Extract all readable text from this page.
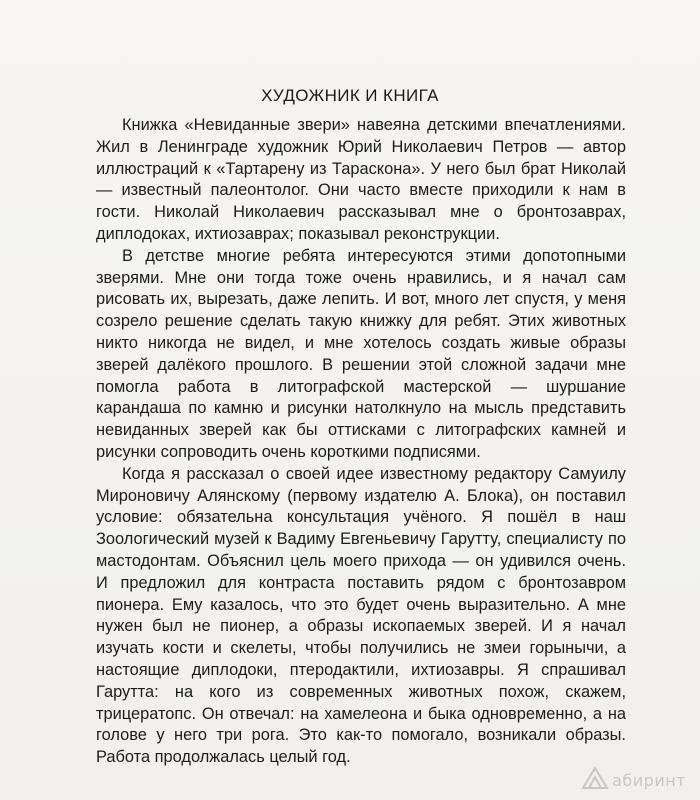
ХУДОЖНИК И КНИГА

Книжка «Невиданные звери» навеяна детскими впечатлениями. Жил в Ленинграде художник Юрий Николаевич Петров — автор иллюстраций к «Тартарену из Тараскона». У него был брат Николай — известный палеонтолог. Они часто вместе приходили к нам в гости. Николай Николаевич рассказывал мне о бронтозаврах, диплодоках, ихтиозаврах; показывал реконструкции.

В детстве многие ребята интересуются этими допотопными зверями. Мне они тогда тоже очень нравились, и я начал сам рисовать их, вырезать, даже лепить. И вот, много лет спустя, у меня созрело решение сделать такую книжку для ребят. Этих животных никто никогда не видел, и мне хотелось создать живые образы зверей далёкого прошлого. В решении этой сложной задачи мне помогла работа в литографской мастерской — шуршание карандаша по камню и рисунки натолкнуло на мысль представить невиданных зверей как бы оттисками с литографских камней и рисунки сопроводить очень короткими подписями.

Когда я рассказал о своей идее известному редактору Самуилу Мироновичу Алянскому (первому издателю А. Блока), он поставил условие: обязательна консультация учёного. Я пошёл в наш Зоологический музей к Вадиму Евгеньевичу Гарутту, специалисту по мастодонтам. Объяснил цель моего прихода — он удивился очень. И предложил для контраста поставить рядом с бронтозавром пионера. Ему казалось, что это будет очень выразительно. А мне нужен был не пионер, а образы ископаемых зверей. И я начал изучать кости и скелеты, чтобы получились не змеи горынычи, а настоящие диплодоки, птеродактили, ихтиозавры. Я спрашивал Гарутта: на кого из современных животных похож, скажем, трицератопс. Он отвечал: на хамелеона и быка одновременно, а на голове у него три рога. Это как-то помогало, возникали образы. Работа продолжалась целый год.

абиринт
